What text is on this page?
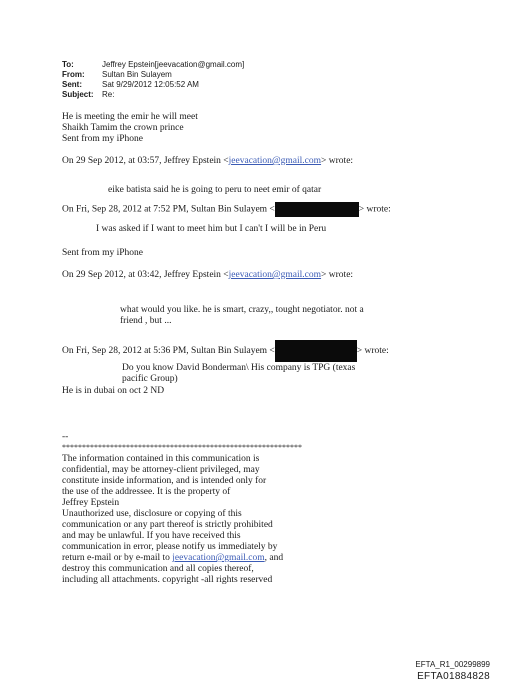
To:	Jeffrey Epstein[jeevacation@gmail.com]
From:	Sultan Bin Sulayem
Sent:	Sat 9/29/2012 12:05:52 AM
Subject:	Re:
He is meeting the emir he will meet
Shaikh Tamim the crown prince
Sent from my iPhone
On 29 Sep 2012, at 03:57, Jeffrey Epstein <jeevacation@gmail.com> wrote:
eike batista said he is going to peru to neet emir of qatar
On Fri, Sep 28, 2012 at 7:52 PM, Sultan Bin Sulayem <	> wrote:
I was asked if I want to meet him but I can't I will be in Peru
Sent from my iPhone
On 29 Sep 2012, at 03:42, Jeffrey Epstein <jeevacation@gmail.com> wrote:
what would you like. he is smart, crazy,, tought negotiator. not a
friend , but ...
On Fri, Sep 28, 2012 at 5:36 PM, Sultan Bin Sulayem <	> wrote:
Do you know David Bonderman\ His company is TPG (texas
pacific Group)
He is in dubai on oct 2 ND
--
************************************************************
The information contained in this communication is
confidential, may be attorney-client privileged, may
constitute inside information, and is intended only for
the use of the addressee. It is the property of
Jeffrey Epstein
Unauthorized use, disclosure or copying of this
communication or any part thereof is strictly prohibited
and may be unlawful. If you have received this
communication in error, please notify us immediately by
return e-mail or by e-mail to jeevacation@gmail.com, and
destroy this communication and all copies thereof,
including all attachments. copyright -all rights reserved
EFTA_R1_00299899
EFTA01884828
